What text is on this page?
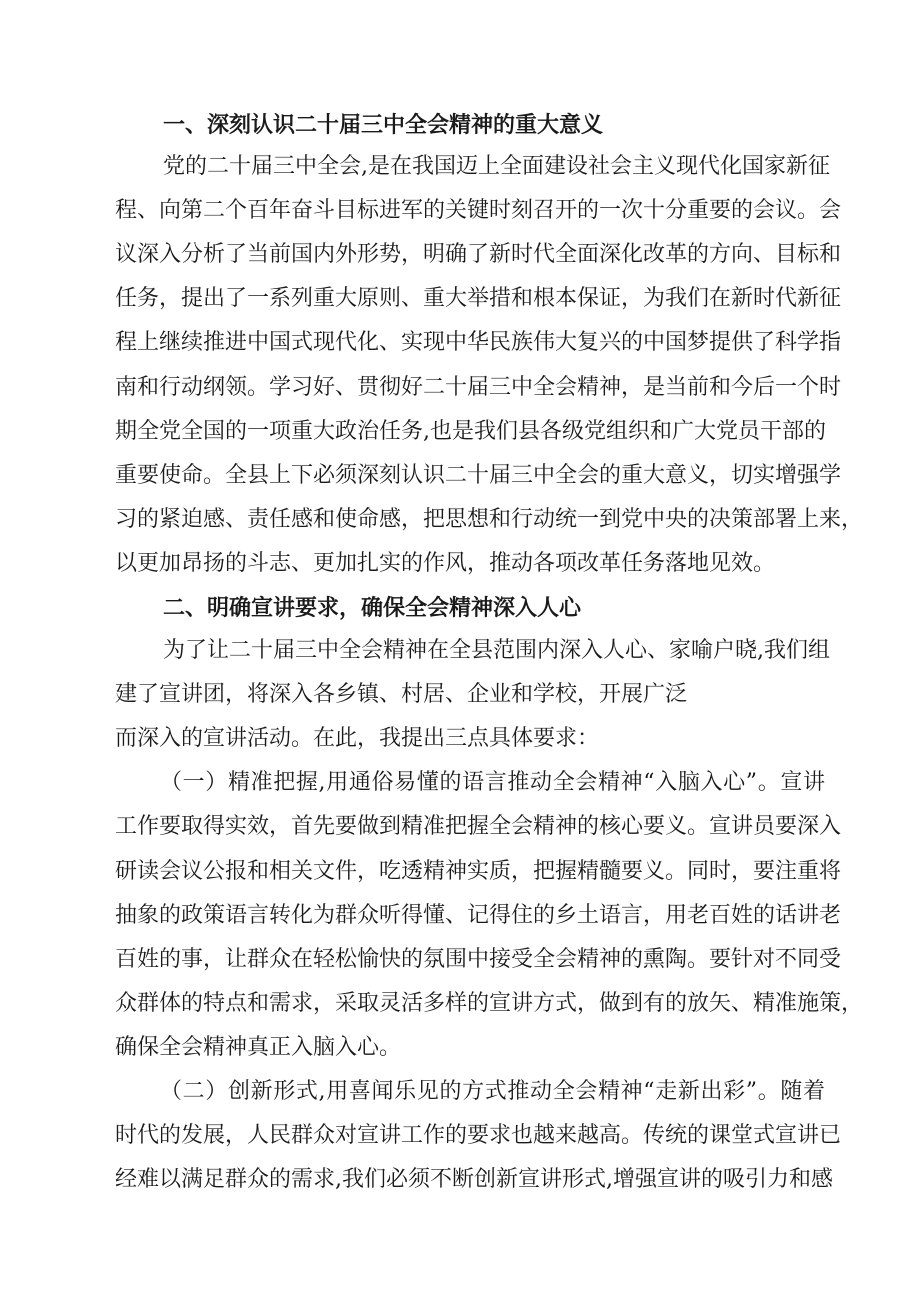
一、深刻认识二十届三中全会精神的重大意义

党的二十届三中全会,是在我国迈上全面建设社会主义现代化国家新征

程、向第二个百年奋斗目标进军的关键时刻召开的一次十分重要的会议。会

议深入分析了当前国内外形势，明确了新时代全面深化改革的方向、目标和

任务，提出了一系列重大原则、重大举措和根本保证，为我们在新时代新征

程上继续推进中国式现代化、实现中华民族伟大复兴的中国梦提供了科学指

南和行动纲领。学习好、贯彻好二十届三中全会精神，是当前和今后一个时

期全党全国的一项重大政治任务,也是我们县各级党组织和广大党员干部的

重要使命。全县上下必须深刻认识二十届三中全会的重大意义，切实增强学

习的紧迫感、责任感和使命感，把思想和行动统一到党中央的决策部署上来，

以更加昂扬的斗志、更加扎实的作风，推动各项改革任务落地见效。

二、明确宣讲要求，确保全会精神深入人心

为了让二十届三中全会精神在全县范围内深入人心、家喻户晓,我们组

建了宣讲团，将深入各乡镇、村居、企业和学校，开展广泛

而深入的宣讲活动。在此，我提出三点具体要求：

（一）精准把握,用通俗易懂的语言推动全会精神“入脑入心”。宣讲

工作要取得实效，首先要做到精准把握全会精神的核心要义。宣讲员要深入

研读会议公报和相关文件，吃透精神实质，把握精髓要义。同时，要注重将

抽象的政策语言转化为群众听得懂、记得住的乡土语言，用老百姓的话讲老

百姓的事，让群众在轻松愉快的氛围中接受全会精神的熏陶。要针对不同受

众群体的特点和需求，采取灵活多样的宣讲方式，做到有的放矢、精准施策，

确保全会精神真正入脑入心。

（二）创新形式,用喜闻乐见的方式推动全会精神“走新出彩”。随着

时代的发展，人民群众对宣讲工作的要求也越来越高。传统的课堂式宣讲已

经难以满足群众的需求,我们必须不断创新宣讲形式,增强宣讲的吸引力和感
